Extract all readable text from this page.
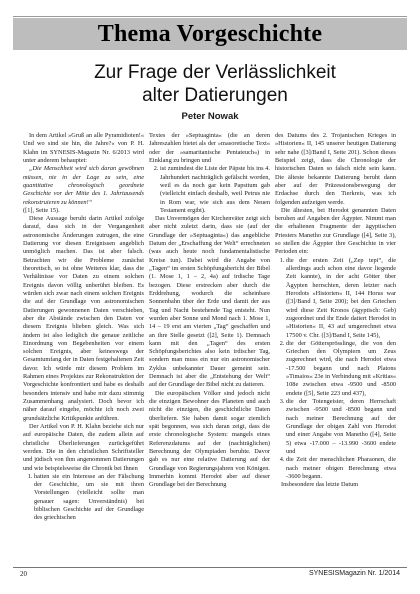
Thema Vorgeschichte
Zur Frage der Verlässlichkeit
alter Datierungen
Peter Nowak

In dem Artikel »Gruß an alle Pyramidioten!« Und wo sind sie hin, die Jahre?« von P. H. Klahn im SYNESIS-Magazin Nr. 6/2013 wird unter anderem behauptet:

„Die Menschheit wird sich daran gewöhnen müssen, nie in der Lage zu sein, eine quantitative chronologisch geordnete Geschichte vor der Mitte des 1. Jahrtausends rekonstruieren zu können!“

([1], Seite 15).

Diese Aussage beruht darin Artikel zufolge darauf, dass sich in der Vergangenheit astronomische Änderungen zutrugen, die eine Datierung vor diesen Ereignissen angeblich unmöglich machen. Das ist aber falsch. Betrachten wir die Probleme zunächst theoretisch, so ist ohne Weiteres klar, dass die Verhältnisse vor Daten zu einem solchen Ereignis davon völlig unberührt bleiben. Es würden sich zwar nach einem solchen Ereignis die auf der Grundlage von astronomischen Datierungen gewonnenen Daten verschieben, aber die Abstände zwischen den Daten vor diesem Ereignis blieben gleich. Was sich ändern ist also lediglich die genaue zeitliche Einordnung von Begebenheiten vor einem solchen Ereignis, aber keineswegs der Gesamtumfang der in Daten festgehaltenen Zeit davor. Ich würde mir diesem Problem im Rahmen eines Projektes zur Rekonstruktion der Vorgeschichte konfrontiert und habe es deshalb besonders intensiv und habe mir dazu stimmig Zusammenhang analysiert. Doch bevor ich näher darauf eingehe, möchte ich noch zwei grundsätzliche Kritikpunkte anführen.

Der Artikel von P. H. Klahn beziehe sich nur auf europäische Daten, die zudem allein auf christliche Überlieferungen zurückgeführt werden. Die in den christlichen Schriftsteller und jüdisch von ihm angenommen Datierungen und wie beispielsweise die Chronik bei Ihnen

1. hatten sie ein Interesse an der Fälschung der Geschichte, um sie mit ihren Vorstellungen (vielleicht sollte man genauer sagen: Unverständnis) bei biblischen Geschichte auf der Grundlage des griechischen

Textes der »Septuaginta« (die an deren Jahreszahlen bietet als der »masoretische Text« oder der »samaritanische Pentateuch«) in Einklang zu bringen und

2. ist zumindest die Liste der Päpste bis ins 4. Jahrhundert nachträglich gefälscht worden, weil es da noch gar kein Papsttum gab (vielleicht einfach deshalb, weil Petrus nie in Rom war, wie sich aus dem Neuen Testament ergibt).

Das Unvermögen der Kirchenväter zeigt sich aber nicht zuletzt darin, dass sie (auf der Grundlage der »Septuaginta«) das angebliche Datum der „Erschaffung der Welt“ errechneten (was auch heute noch fundamentalistische Kreise tun). Dabei wird die Angabe von „Tagen“ im ersten Schöpfungsbericht der Bibel (1. Mose 1, 1 – 2, 4a) auf irdische Tage bezogen. Diese erstrecken aber durch die Erddrehung, wodurch die scheinbare Sonnenbahn über der Erde und damit der aus Tag und Nacht bestehende Tag entsteht. Nun wurden aber Sonne und Mond nach 1. Mose 1, 14 – 19 erst am vierten „Tag“ geschaffen und an ihre Stelle gesetzt ([2], Seite 1). Demnach kann mit den „Tagen“ des ersten Schöpfungsberichtes also kein irdischer Tag, sondern man muss ein nur ein astronomischer Zyklus unbekannter Dauer gemeint sein. Demnach ist aber die „Entstehung der Welt“ auf der Grundlage der Bibel nicht zu datieren.

Die europäischen Völker sind jedoch nicht die einzigen Bewohner des Planeten und auch nicht die einzigen, die geschichtliche Daten überliefern. Sie haben damit sogar ziemlich spät begonnen, was sich daran zeigt, dass die erste chronologische System: mangels eines Referenzdatums auf der (nachträglichen) Berechnung der Olympiaden beruhte. Davor gab es nur eine relative Datierung auf der Grundlage von Regierungsjahren von Königen. Immerhin kommt Herodot aber auf dieser Grundlage bei der Berechnung

des Datums des 2. Trojanischen Krieges in »Historien« II, 145 unserer heutigen Datierung sehr nahe ([3]/Band I, Seite 201). Schon dieses Beispiel zeigt, dass die Chronologie der historischen Daten so falsch nicht sein kann. Die älteste bekannte Datierung beruht dann aber auf der Präzessionsbewegung der Erdachse durch den Tierkreis, was ich folgenden aufzeigen werde.

Die ältesten, bei Herodot genannten Daten beruhen auf Angaben der Ägypter. Nimmt man die erhaltenen Fragmente der ägyptischen Priesters Manetho zur Grundlage ([4], Seite 3), so stellen die Ägypter ihre Geschichte in vier Perioden ein:

1. die der ersten Zeit („Zep tepi“, die allerdings auch schon eine davor liegende Zeit kannte), in der acht Götter über Ägypten herrschten, deren letzter nach Herodots »Historien« II, 144 Horus war ([3]/Band I, Seite 200); bei den Griechen wird diese Zeit Kronos (ägyptisch: Geb) zugeordnet und ihr Ende datiert Herodot in »Historien« II, 43 auf umgerechnet etwa 17500 v. Chr. ([3]/Band I, Seite 145),
2. die der Göttersprösslinge, die von den Griechen den Olympiern um Zeus zugerechnet wird, die nach Herodot etwa -17.500 begann und nach Platons »Timaios« 23e in Verbindung mit »Kritias« 108e zwischen etwa -9500 und -8500 endete ([5], Seite 223 und 437),
3. die der Totengeister, deren Herrschaft zwischen -9500 und -8500 begann und nach meiner Berechnung auf der Grundlage der obigen Zahl von Herodot und einer Angabe von Manetho ([4], Seite 5) etwa -17.000 – -13.990 -3600 endete und
4. die Zeit der menschlichen Pharaonen, die nach meiner obigen Berechnung etwa -3600 begann.

Insbesondere das letzte Datum

20	SYNESISMagazin Nr. 1/2014
